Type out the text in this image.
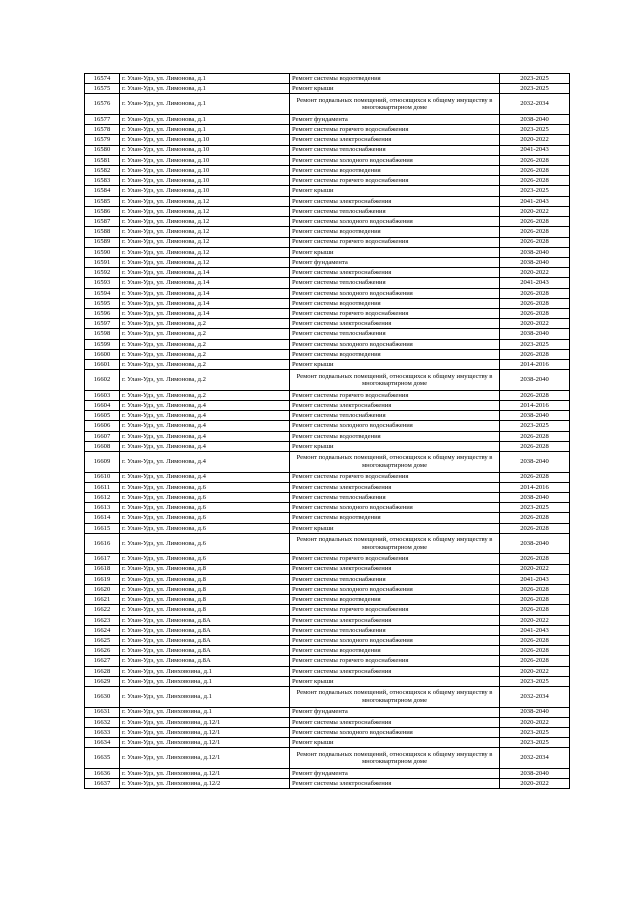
16574	г. Улан-Удэ, ул. Лимонова, д.1	Ремонт системы водоотведения	2023-2025
16575	г. Улан-Удэ, ул. Лимонова, д.1	Ремонт крыши	2023-2025
16576	г. Улан-Удэ, ул. Лимонова, д.1	Ремонт подвальных помещений, относящихся к общему имуществу в многоквартирном доме	2032-2034
16577	г. Улан-Удэ, ул. Лимонова, д.1	Ремонт фундамента	2038-2040
16578	г. Улан-Удэ, ул. Лимонова, д.1	Ремонт системы горячего водоснабжения	2023-2025
16579	г. Улан-Удэ, ул. Лимонова, д.10	Ремонт системы электроснабжения	2020-2022
16580	г. Улан-Удэ, ул. Лимонова, д.10	Ремонт системы теплоснабжения	2041-2043
16581	г. Улан-Удэ, ул. Лимонова, д.10	Ремонт системы холодного водоснабжения	2026-2028
16582	г. Улан-Удэ, ул. Лимонова, д.10	Ремонт системы водоотведения	2026-2028
16583	г. Улан-Удэ, ул. Лимонова, д.10	Ремонт системы горячего водоснабжения	2026-2028
16584	г. Улан-Удэ, ул. Лимонова, д.10	Ремонт крыши	2023-2025
16585	г. Улан-Удэ, ул. Лимонова, д.12	Ремонт системы электроснабжения	2041-2043
16586	г. Улан-Удэ, ул. Лимонова, д.12	Ремонт системы теплоснабжения	2020-2022
16587	г. Улан-Удэ, ул. Лимонова, д.12	Ремонт системы холодного водоснабжения	2026-2028
16588	г. Улан-Удэ, ул. Лимонова, д.12	Ремонт системы водоотведения	2026-2028
16589	г. Улан-Удэ, ул. Лимонова, д.12	Ремонт системы горячего водоснабжения	2026-2028
16590	г. Улан-Удэ, ул. Лимонова, д.12	Ремонт крыши	2038-2040
16591	г. Улан-Удэ, ул. Лимонова, д.12	Ремонт фундамента	2038-2040
16592	г. Улан-Удэ, ул. Лимонова, д.14	Ремонт системы электроснабжения	2020-2022
16593	г. Улан-Удэ, ул. Лимонова, д.14	Ремонт системы теплоснабжения	2041-2043
16594	г. Улан-Удэ, ул. Лимонова, д.14	Ремонт системы холодного водоснабжения	2026-2028
16595	г. Улан-Удэ, ул. Лимонова, д.14	Ремонт системы водоотведения	2026-2028
16596	г. Улан-Удэ, ул. Лимонова, д.14	Ремонт системы горячего водоснабжения	2026-2028
16597	г. Улан-Удэ, ул. Лимонова, д.2	Ремонт системы электроснабжения	2020-2022
16598	г. Улан-Удэ, ул. Лимонова, д.2	Ремонт системы теплоснабжения	2038-2040
16599	г. Улан-Удэ, ул. Лимонова, д.2	Ремонт системы холодного водоснабжения	2023-2025
16600	г. Улан-Удэ, ул. Лимонова, д.2	Ремонт системы водоотведения	2026-2028
16601	г. Улан-Удэ, ул. Лимонова, д.2	Ремонт крыши	2014-2016
16602	г. Улан-Удэ, ул. Лимонова, д.2	Ремонт подвальных помещений, относящихся к общему имуществу в многоквартирном доме	2038-2040
16603	г. Улан-Удэ, ул. Лимонова, д.2	Ремонт системы горячего водоснабжения	2026-2028
16604	г. Улан-Удэ, ул. Лимонова, д.4	Ремонт системы электроснабжения	2014-2016
16605	г. Улан-Удэ, ул. Лимонова, д.4	Ремонт системы теплоснабжения	2038-2040
16606	г. Улан-Удэ, ул. Лимонова, д.4	Ремонт системы холодного водоснабжения	2023-2025
16607	г. Улан-Удэ, ул. Лимонова, д.4	Ремонт системы водоотведения	2026-2028
16608	г. Улан-Удэ, ул. Лимонова, д.4	Ремонт крыши	2026-2028
16609	г. Улан-Удэ, ул. Лимонова, д.4	Ремонт подвальных помещений, относящихся к общему имуществу в многоквартирном доме	2038-2040
16610	г. Улан-Удэ, ул. Лимонова, д.4	Ремонт системы горячего водоснабжения	2026-2028
16611	г. Улан-Удэ, ул. Лимонова, д.6	Ремонт системы электроснабжения	2014-2016
16612	г. Улан-Удэ, ул. Лимонова, д.6	Ремонт системы теплоснабжения	2038-2040
16613	г. Улан-Удэ, ул. Лимонова, д.6	Ремонт системы холодного водоснабжения	2023-2025
16614	г. Улан-Удэ, ул. Лимонова, д.6	Ремонт системы водоотведения	2026-2028
16615	г. Улан-Удэ, ул. Лимонова, д.6	Ремонт крыши	2026-2028
16616	г. Улан-Удэ, ул. Лимонова, д.6	Ремонт подвальных помещений, относящихся к общему имуществу в многоквартирном доме	2038-2040
16617	г. Улан-Удэ, ул. Лимонова, д.6	Ремонт системы горячего водоснабжения	2026-2028
16618	г. Улан-Удэ, ул. Лимонова, д.8	Ремонт системы электроснабжения	2020-2022
16619	г. Улан-Удэ, ул. Лимонова, д.8	Ремонт системы теплоснабжения	2041-2043
16620	г. Улан-Удэ, ул. Лимонова, д.8	Ремонт системы холодного водоснабжения	2026-2028
16621	г. Улан-Удэ, ул. Лимонова, д.8	Ремонт системы водоотведения	2026-2028
16622	г. Улан-Удэ, ул. Лимонова, д.8	Ремонт системы горячего водоснабжения	2026-2028
16623	г. Улан-Удэ, ул. Лимонова, д.8А	Ремонт системы электроснабжения	2020-2022
16624	г. Улан-Удэ, ул. Лимонова, д.8А	Ремонт системы теплоснабжения	2041-2043
16625	г. Улан-Удэ, ул. Лимонова, д.8А	Ремонт системы холодного водоснабжения	2026-2028
16626	г. Улан-Удэ, ул. Лимонова, д.8А	Ремонт системы водоотведения	2026-2028
16627	г. Улан-Удэ, ул. Лимонова, д.8А	Ремонт системы горячего водоснабжения	2026-2028
16628	г. Улан-Удэ, ул. Линховоина, д.1	Ремонт системы электроснабжения	2020-2022
16629	г. Улан-Удэ, ул. Линховоина, д.1	Ремонт крыши	2023-2025
16630	г. Улан-Удэ, ул. Линховоина, д.1	Ремонт подвальных помещений, относящихся к общему имуществу в многоквартирном доме	2032-2034
16631	г. Улан-Удэ, ул. Линховоина, д.1	Ремонт фундамента	2038-2040
16632	г. Улан-Удэ, ул. Линховоина, д.12/1	Ремонт системы электроснабжения	2020-2022
16633	г. Улан-Удэ, ул. Линховоина, д.12/1	Ремонт системы холодного водоснабжения	2023-2025
16634	г. Улан-Удэ, ул. Линховоина, д.12/1	Ремонт крыши	2023-2025
16635	г. Улан-Удэ, ул. Линховоина, д.12/1	Ремонт подвальных помещений, относящихся к общему имуществу в многоквартирном доме	2032-2034
16636	г. Улан-Удэ, ул. Линховоина, д.12/1	Ремонт фундамента	2038-2040
16637	г. Улан-Удэ, ул. Линховоина, д.12/2	Ремонт системы электроснабжения	2020-2022
